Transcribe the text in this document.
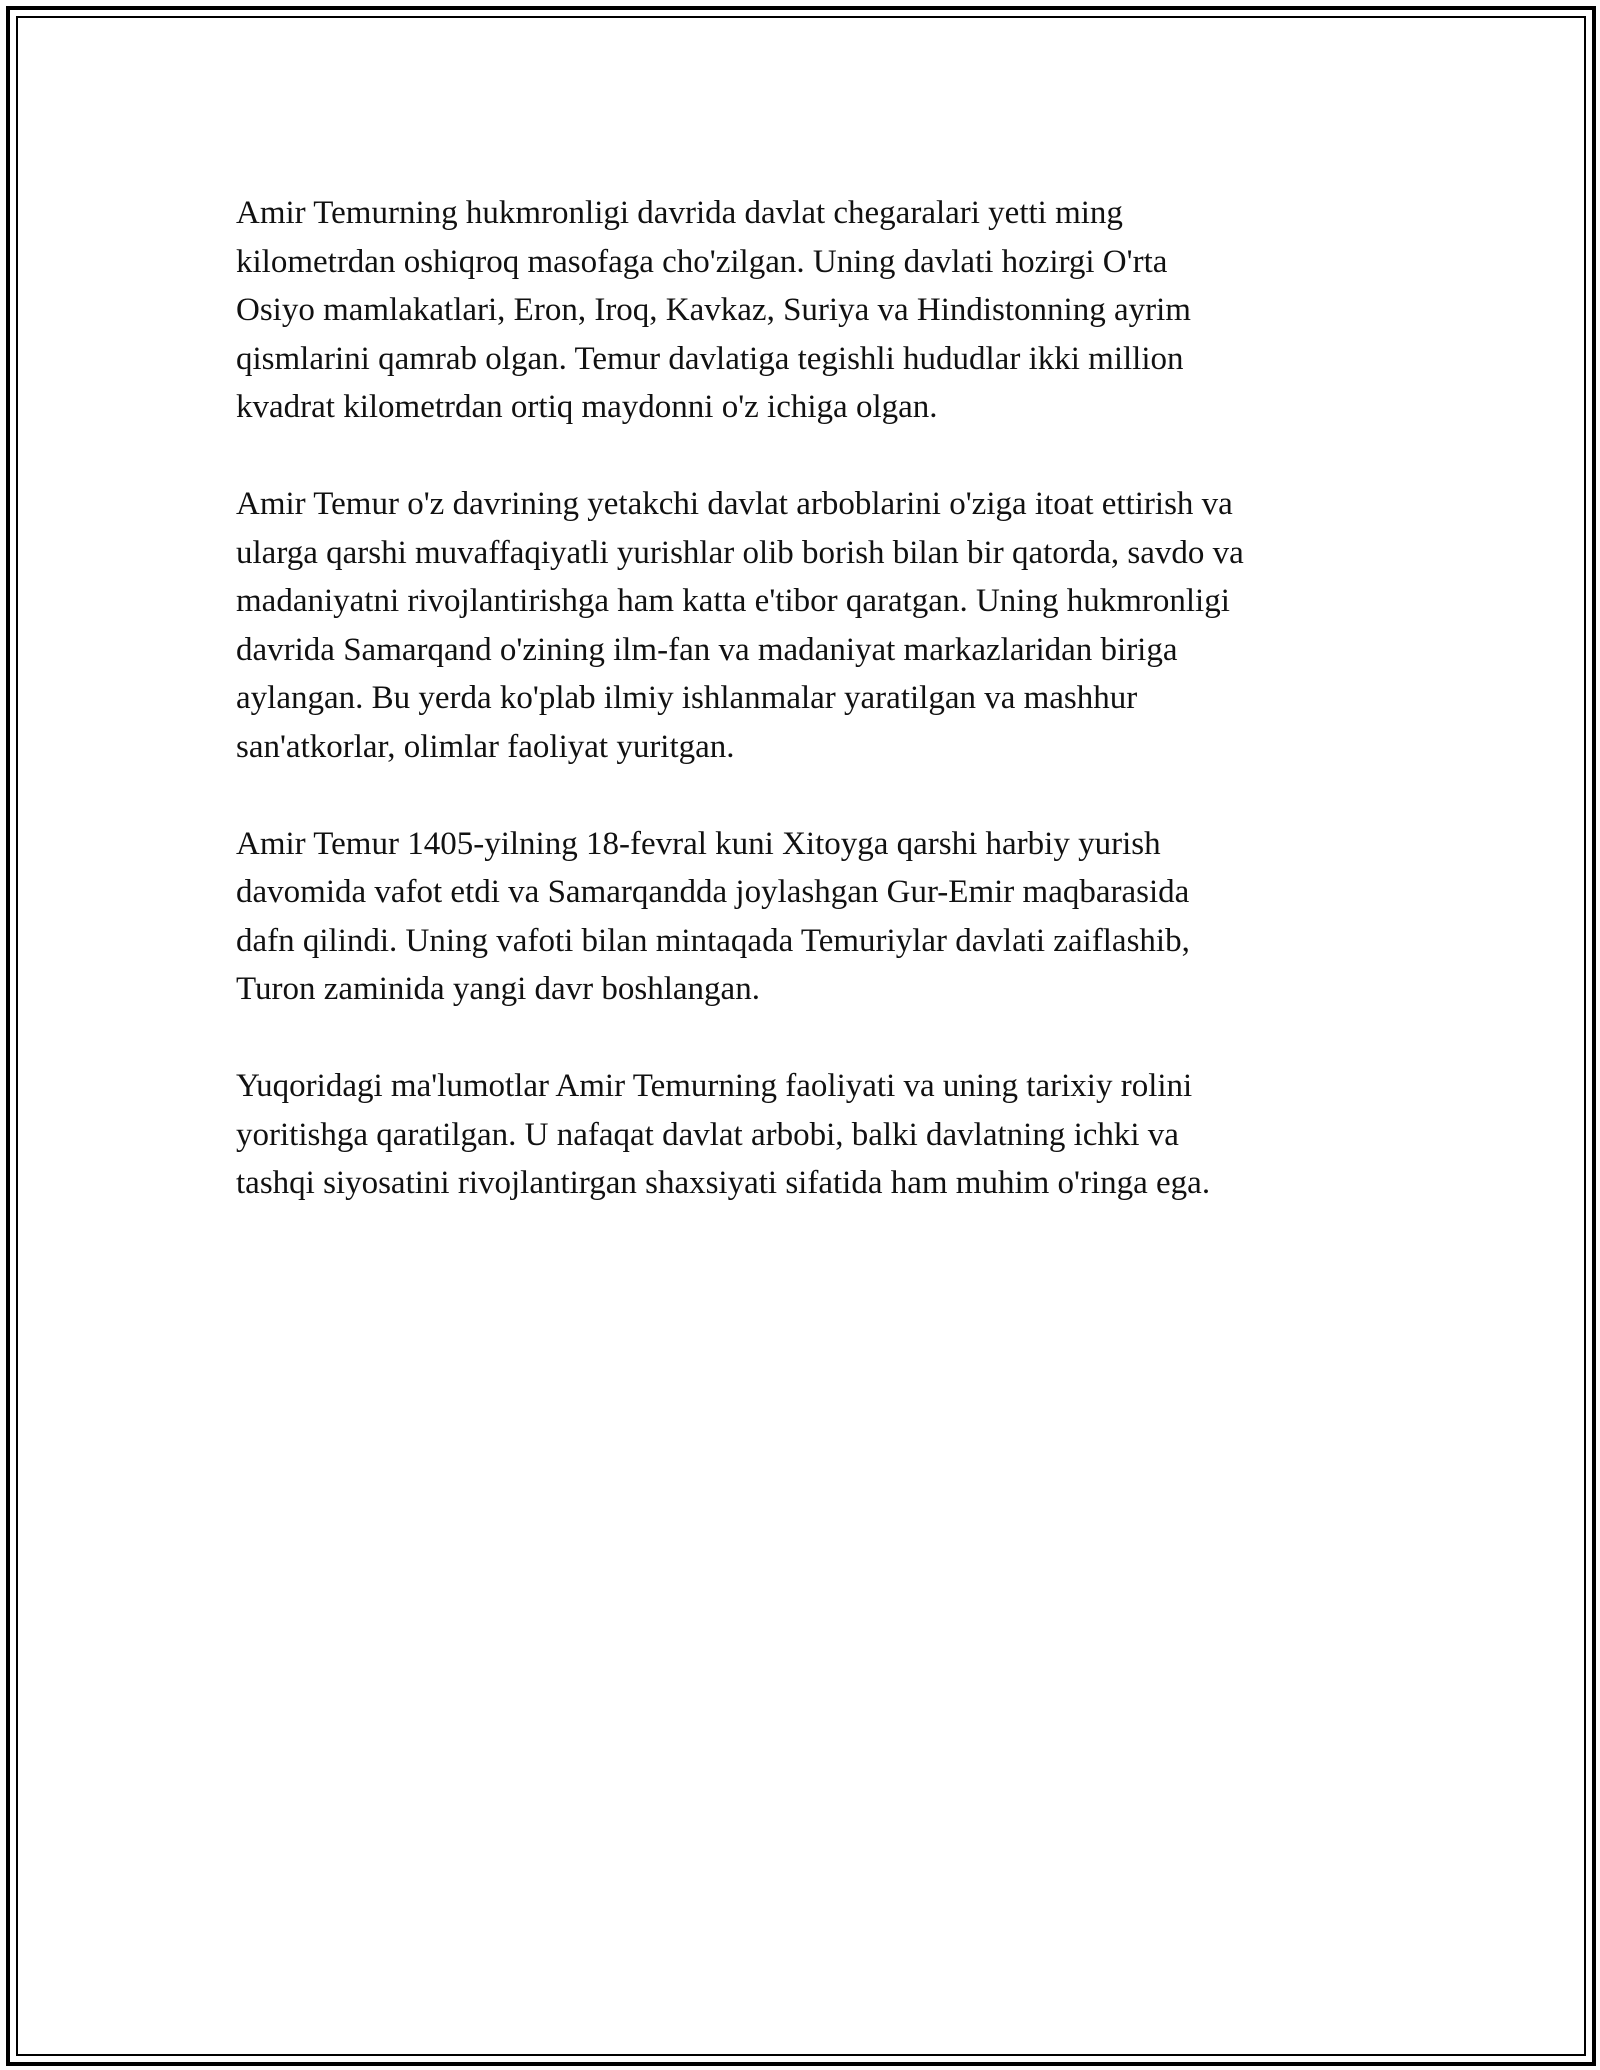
Amir Temurning hukmronligi davrida davlat chegaralari yetti ming
kilometrdan oshiqroq masofaga cho'zilgan. Uning davlati hozirgi O'rta
Osiyo mamlakatlari, Eron, Iroq, Kavkaz, Suriya va Hindistonning ayrim
qismlarini qamrab olgan. Temur davlatiga tegishli hududlar ikki million
kvadrat kilometrdan ortiq maydonni o'z ichiga olgan.

Amir Temur o'z davrining yetakchi davlat arboblarini o'ziga itoat ettirish va
ularga qarshi muvaffaqiyatli yurishlar olib borish bilan bir qatorda, savdo va
madaniyatni rivojlantirishga ham katta e'tibor qaratgan. Uning hukmronligi
davrida Samarqand o'zining ilm-fan va madaniyat markazlaridan biriga
aylangan. Bu yerda ko'plab ilmiy ishlanmalar yaratilgan va mashhur
san'atkorlar, olimlar faoliyat yuritgan.

Amir Temur 1405-yilning 18-fevral kuni Xitoyga qarshi harbiy yurish
davomida vafot etdi va Samarqandda joylashgan Gur-Emir maqbarasida
dafn qilindi. Uning vafoti bilan mintaqada Temuriylar davlati zaiflashib,
Turon zaminida yangi davr boshlangan.

Yuqoridagi ma'lumotlar Amir Temurning faoliyati va uning tarixiy rolini
yoritishga qaratilgan. U nafaqat davlat arbobi, balki davlatning ichki va
tashqi siyosatini rivojlantirgan shaxsiyati sifatida ham muhim o'ringa ega.
